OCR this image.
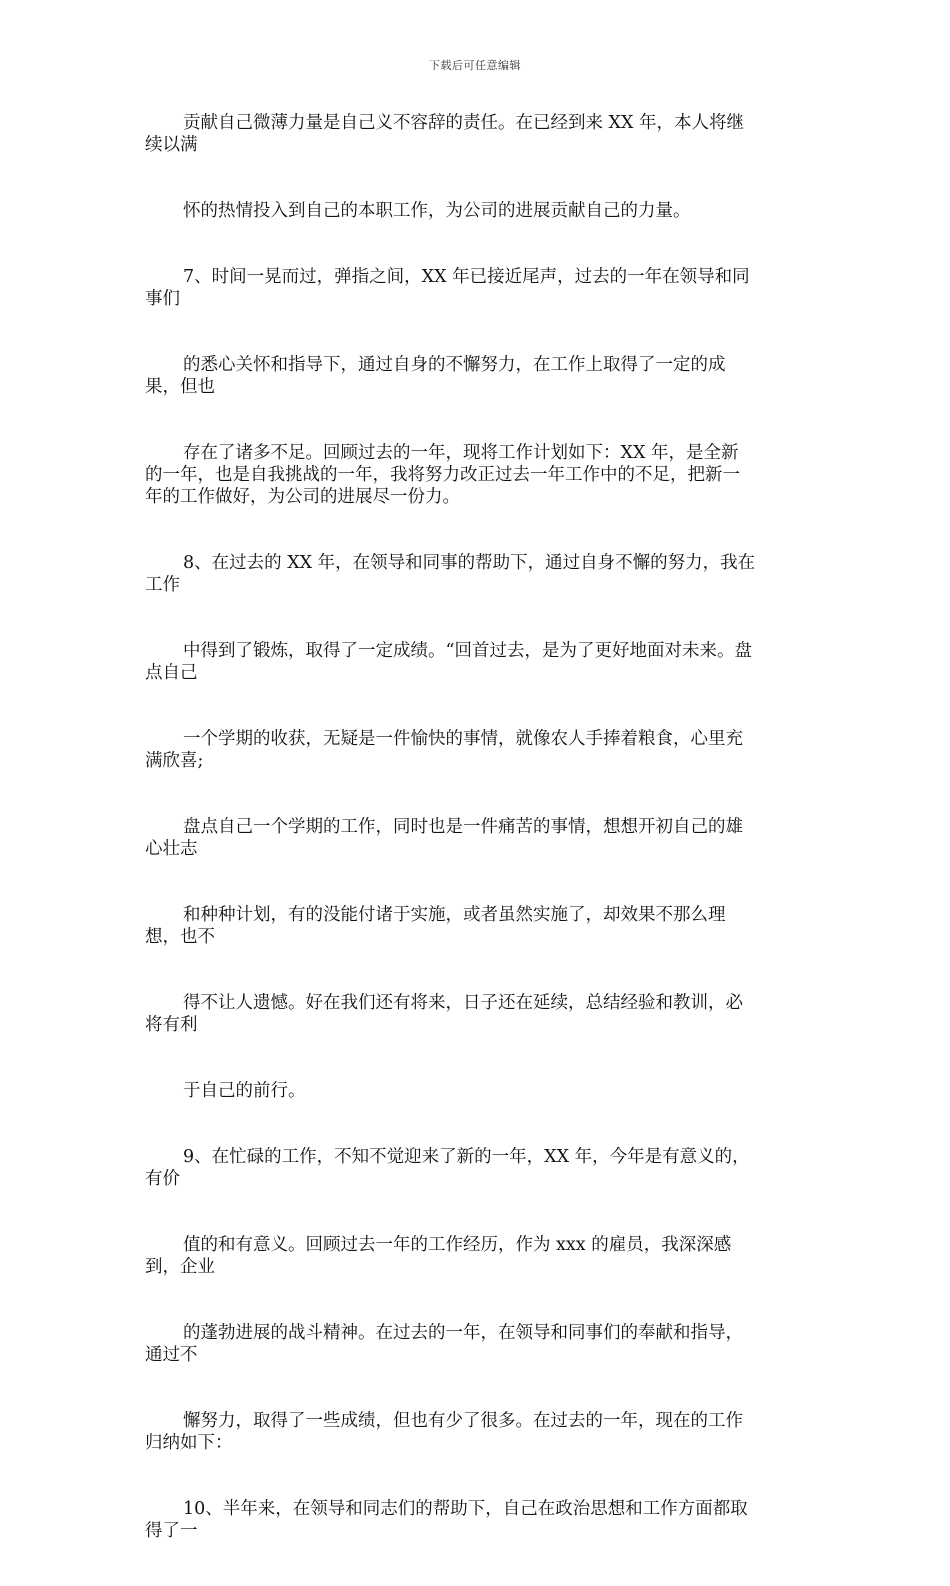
下载后可任意编辑

贡献自己微薄力量是自己义不容辞的责任。在已经到来 XX 年，本人将继
续以满

怀的热情投入到自己的本职工作，为公司的进展贡献自己的力量。

7、时间一晃而过，弹指之间，XX 年已接近尾声，过去的一年在领导和同
事们

的悉心关怀和指导下，通过自身的不懈努力，在工作上取得了一定的成
果，但也

存在了诸多不足。回顾过去的一年，现将工作计划如下：XX 年，是全新
的一年，也是自我挑战的一年，我将努力改正过去一年工作中的不足，把新一
年的工作做好，为公司的进展尽一份力。

8、在过去的 XX 年，在领导和同事的帮助下，通过自身不懈的努力，我在
工作

中得到了锻炼，取得了一定成绩。“回首过去，是为了更好地面对未来。盘
点自己

一个学期的收获，无疑是一件愉快的事情，就像农人手捧着粮食，心里充
满欣喜;

盘点自己一个学期的工作，同时也是一件痛苦的事情，想想开初自己的雄
心壮志

和种种计划，有的没能付诸于实施，或者虽然实施了，却效果不那么理
想，也不

得不让人遗憾。好在我们还有将来，日子还在延续，总结经验和教训，必
将有利

于自己的前行。

9、在忙碌的工作，不知不觉迎来了新的一年，XX 年，今年是有意义的，
有价

值的和有意义。回顾过去一年的工作经历，作为 xxx 的雇员，我深深感
到，企业

的蓬勃进展的战斗精神。在过去的一年，在领导和同事们的奉献和指导，
通过不

懈努力，取得了一些成绩，但也有少了很多。在过去的一年，现在的工作
归纳如下：

10、半年来，在领导和同志们的帮助下，自己在政治思想和工作方面都取
得了一
